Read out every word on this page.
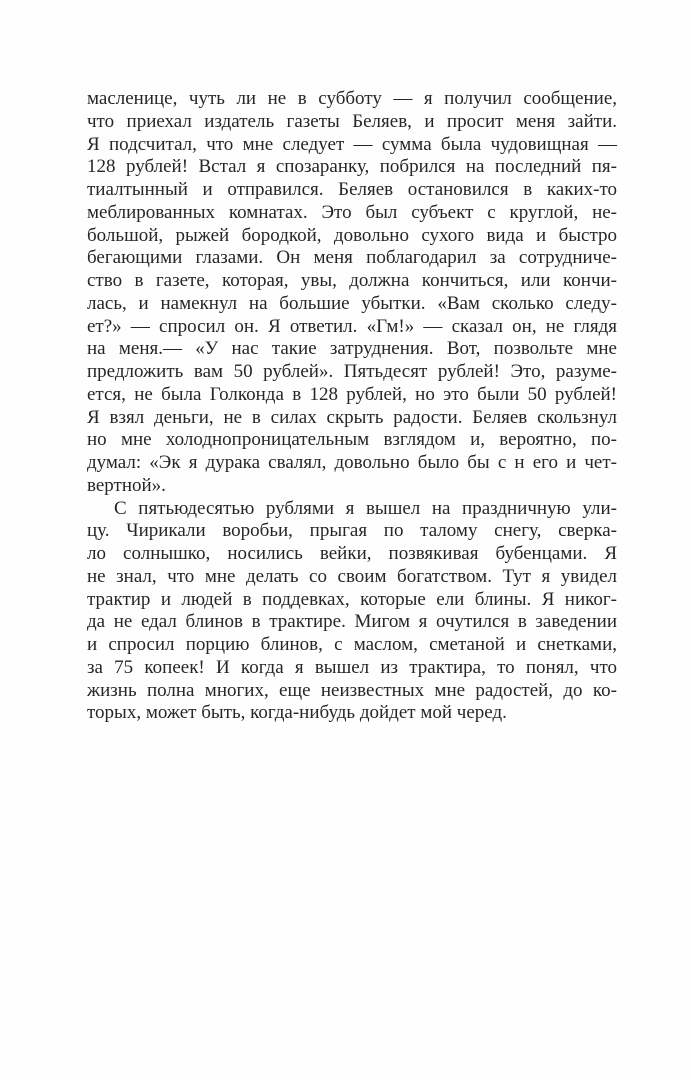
масленице, чуть ли не в субботу — я получил сообщение,
что приехал издатель газеты Беляев, и просит меня зайти.
Я подсчитал, что мне следует — сумма была чудовищная —
128 рублей! Встал я спозаранку, побрился на последний пя-
тиалтынный и отправился. Беляев остановился в каких-то
меблированных комнатах. Это был субъект с круглой, не-
большой, рыжей бородкой, довольно сухого вида и быстро
бегающими глазами. Он меня поблагодарил за сотрудниче-
ство в газете, которая, увы, должна кончиться, или кончи-
лась, и намекнул на большие убытки. «Вам сколько следу-
ет?» — спросил он. Я ответил. «Гм!» — сказал он, не глядя
на меня.— «У нас такие затруднения. Вот, позвольте мне
предложить вам 50 рублей». Пятьдесят рублей! Это, разуме-
ется, не была Голконда в 128 рублей, но это были 50 рублей!
Я взял деньги, не в силах скрыть радости. Беляев скользнул
но мне холоднопроницательным взглядом и, вероятно, по-
думал: «Эк я дурака свалял, довольно было бы с н его и чет-
вертной».
С пятьюдесятью рублями я вышел на праздничную ули-
цу. Чирикали воробьи, прыгая по талому снегу, сверка-
ло солнышко, носились вейки, позвякивая бубенцами. Я
не знал, что мне делать со своим богатством. Тут я увидел
трактир и людей в поддевках, которые ели блины. Я никог-
да не едал блинов в трактире. Мигом я очутился в заведении
и спросил порцию блинов, с маслом, сметаной и снетками,
за 75 копеек! И когда я вышел из трактира, то понял, что
жизнь полна многих, еще неизвестных мне радостей, до ко-
торых, может быть, когда-нибудь дойдет мой черед.
